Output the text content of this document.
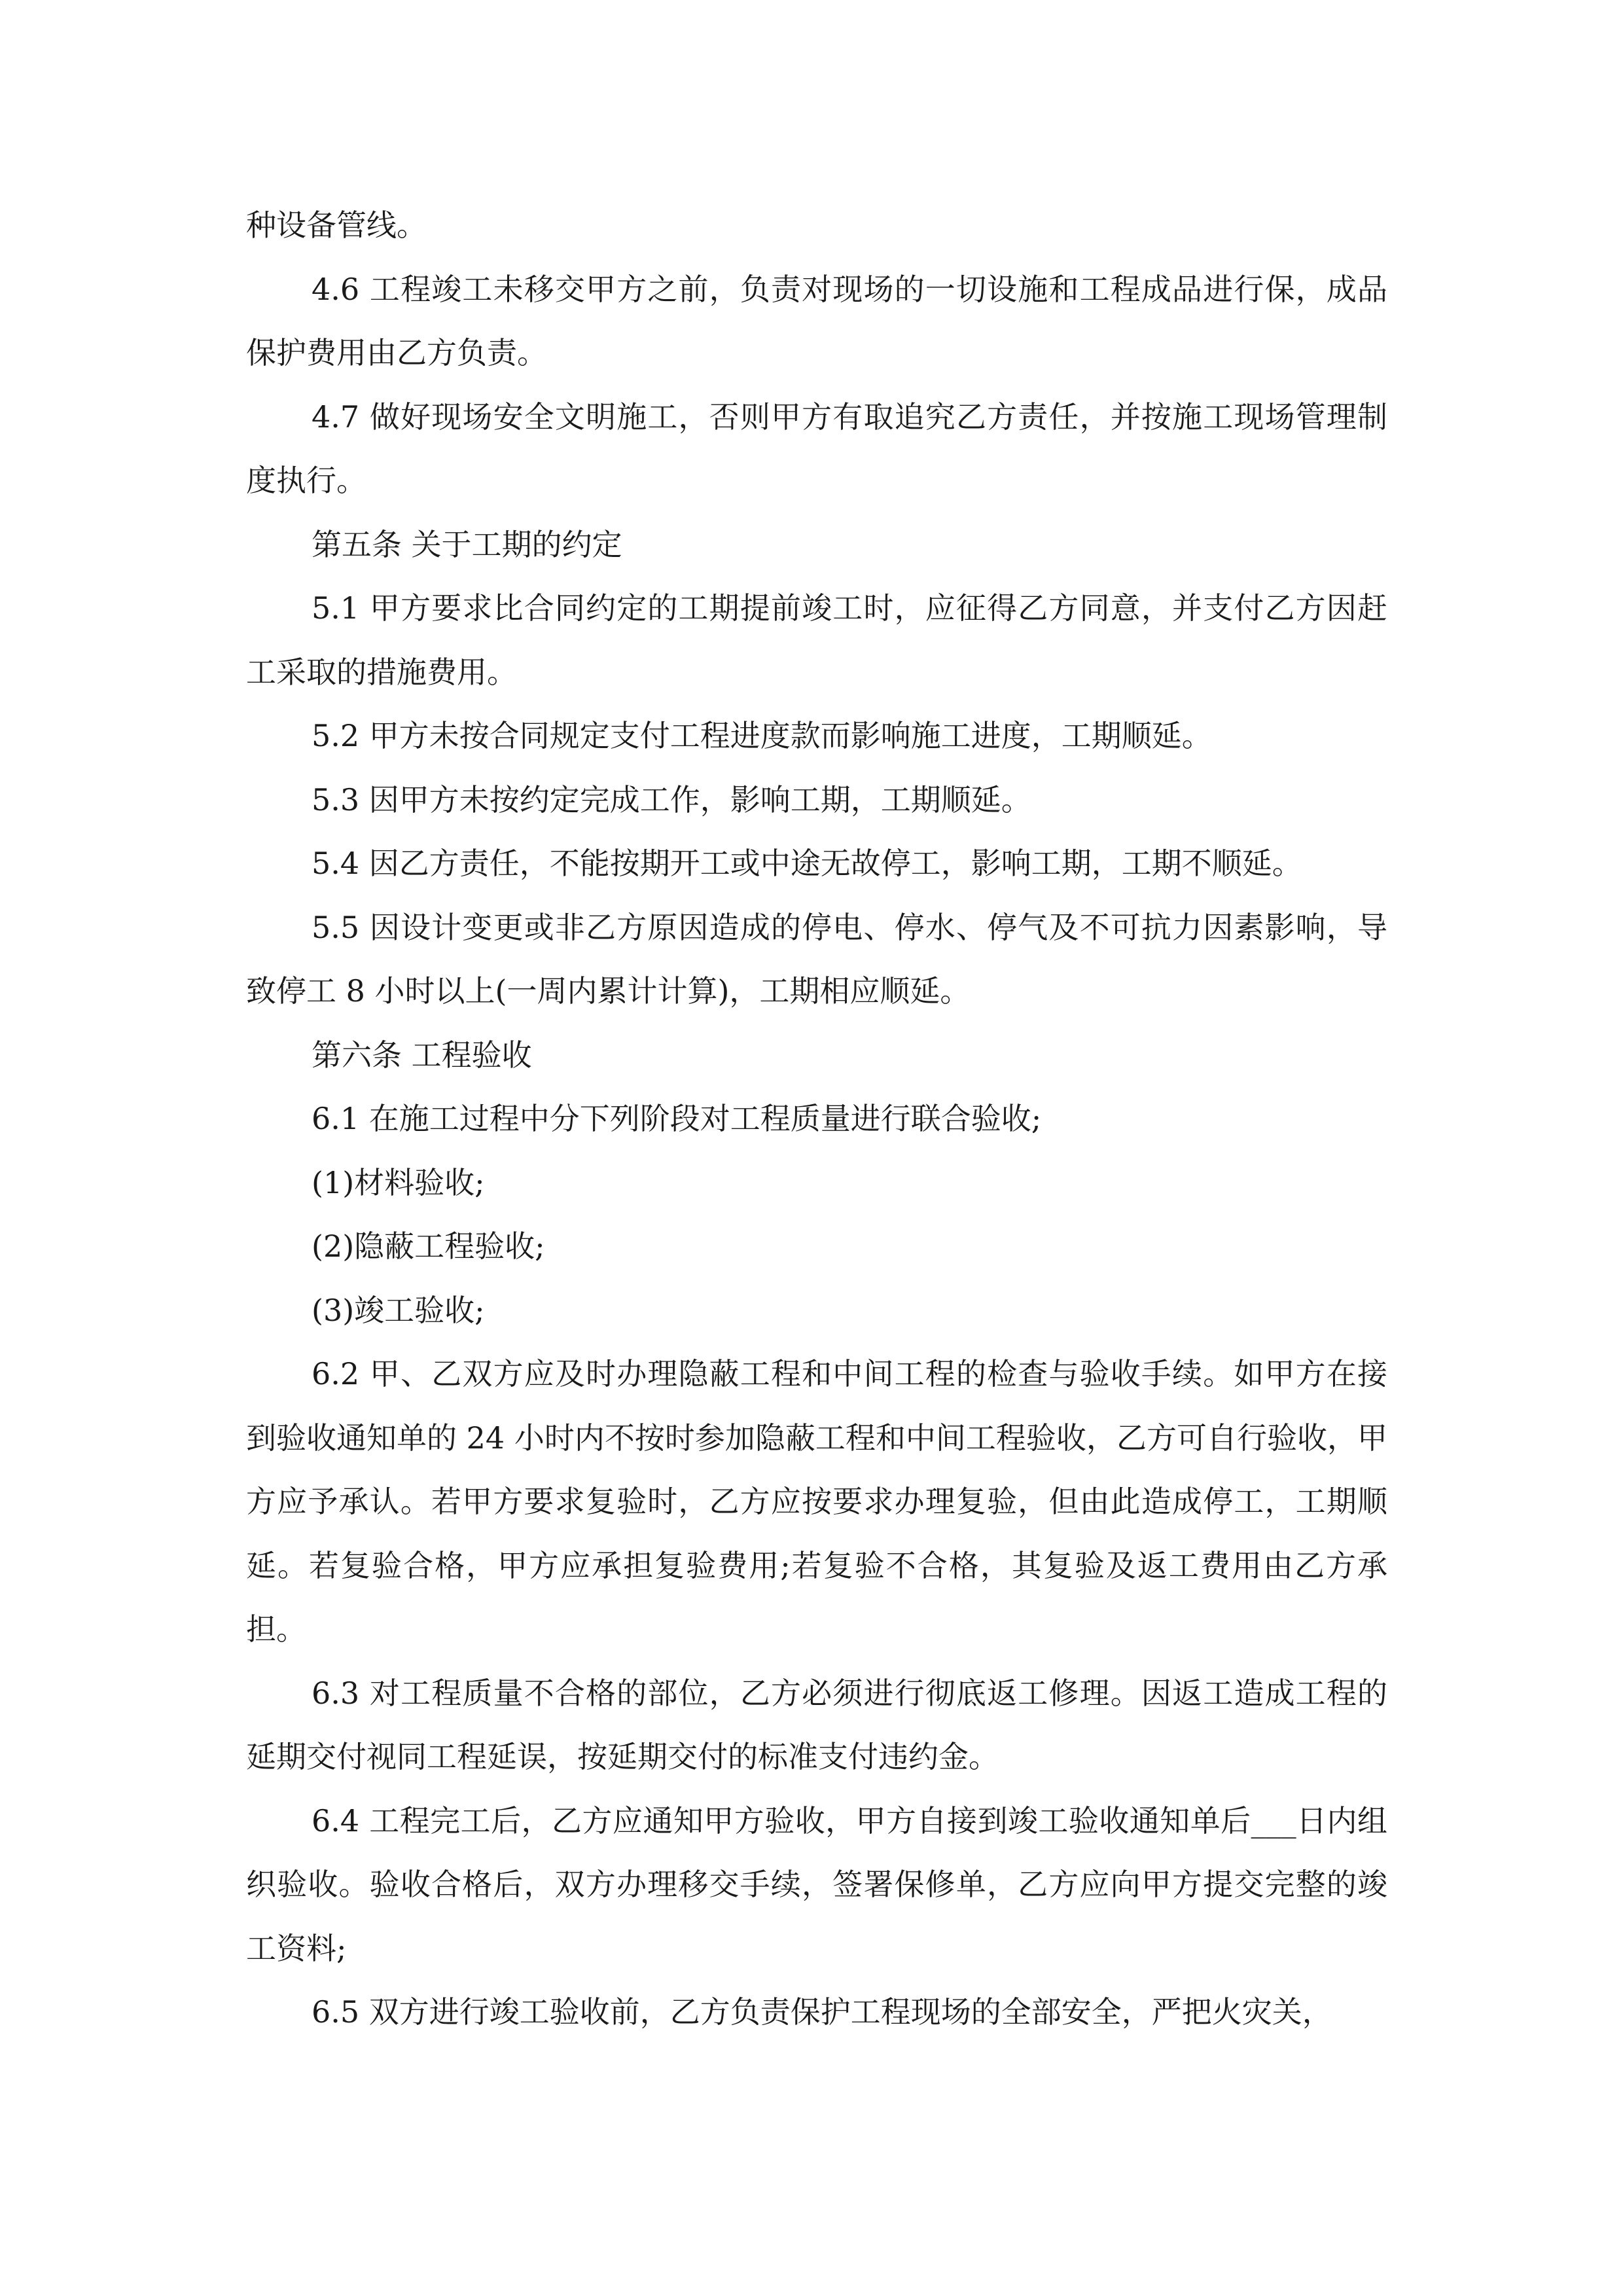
种设备管线。

4.6 工程竣工未移交甲方之前，负责对现场的一切设施和工程成品进行保，成品保护费用由乙方负责。

4.7 做好现场安全文明施工，否则甲方有取追究乙方责任，并按施工现场管理制度执行。

第五条 关于工期的约定

5.1 甲方要求比合同约定的工期提前竣工时，应征得乙方同意，并支付乙方因赶工采取的措施费用。

5.2 甲方未按合同规定支付工程进度款而影响施工进度，工期顺延。

5.3 因甲方未按约定完成工作，影响工期，工期顺延。

5.4 因乙方责任，不能按期开工或中途无故停工，影响工期，工期不顺延。

5.5 因设计变更或非乙方原因造成的停电、停水、停气及不可抗力因素影响，导致停工 8 小时以上(一周内累计计算)，工期相应顺延。

第六条 工程验收

6.1 在施工过程中分下列阶段对工程质量进行联合验收;

(1)材料验收;

(2)隐蔽工程验收;

(3)竣工验收;

6.2 甲、乙双方应及时办理隐蔽工程和中间工程的检查与验收手续。如甲方在接到验收通知单的 24 小时内不按时参加隐蔽工程和中间工程验收，乙方可自行验收，甲方应予承认。若甲方要求复验时，乙方应按要求办理复验，但由此造成停工，工期顺延。若复验合格，甲方应承担复验费用;若复验不合格，其复验及返工费用由乙方承担。

6.3 对工程质量不合格的部位，乙方必须进行彻底返工修理。因返工造成工程的延期交付视同工程延误，按延期交付的标准支付违约金。

6.4 工程完工后，乙方应通知甲方验收，甲方自接到竣工验收通知单后___日内组织验收。验收合格后，双方办理移交手续，签署保修单，乙方应向甲方提交完整的竣工资料;

6.5 双方进行竣工验收前，乙方负责保护工程现场的全部安全，严把火灾关，
